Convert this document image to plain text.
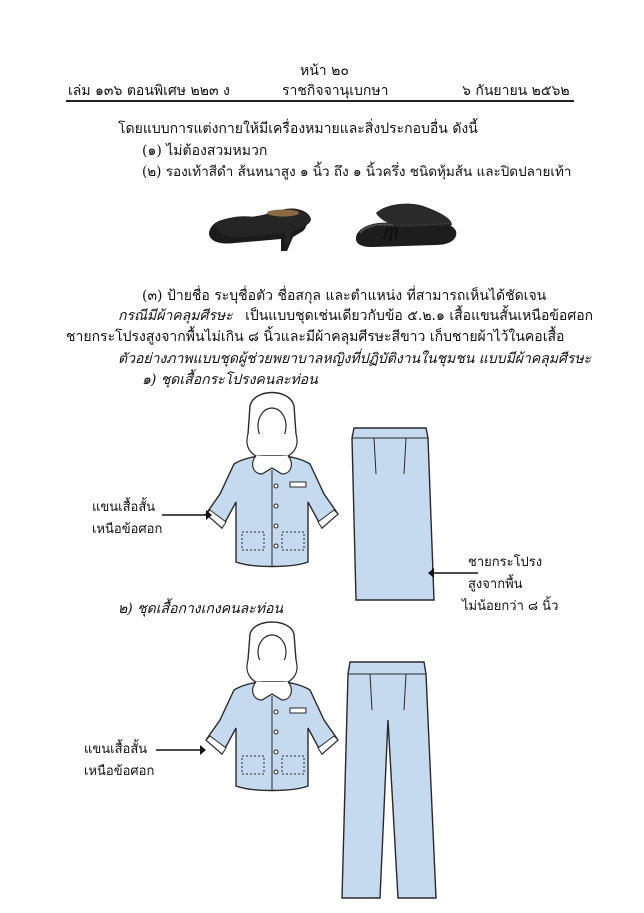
หน้า ๒๐
เล่ม ๑๓๖ ตอนพิเศษ ๒๒๓ ง	ราชกิจจานุเบกษา	๖ กันยายน ๒๕๖๒
โดยแบบการแต่งกายให้มีเครื่องหมายและสิ่งประกอบอื่น ดังนี้
(๑) ไม่ต้องสวมหมวก
(๒) รองเท้าสีดำ ส้นหนาสูง ๑ นิ้ว ถึง ๑ นิ้วครึ่ง ชนิดหุ้มส้น และปิดปลายเท้า
(๓) ป้ายชื่อ ระบุชื่อตัว ชื่อสกุล และตำแหน่ง ที่สามารถเห็นได้ชัดเจน
กรณีมีผ้าคลุมศีรษะ เป็นแบบชุดเช่นเดียวกับข้อ ๕.๒.๑ เสื้อแขนสั้นเหนือข้อศอก
ชายกระโปรงสูงจากพื้นไม่เกิน ๘ นิ้วและมีผ้าคลุมศีรษะสีขาว เก็บชายผ้าไว้ในคอเสื้อ
ตัวอย่างภาพแบบชุดผู้ช่วยพยาบาลหญิงที่ปฏิบัติงานในชุมชน แบบมีผ้าคลุมศีรษะ
๑) ชุดเสื้อกระโปรงคนละท่อน
แขนเสื้อสั้น
เหนือข้อศอก
ชายกระโปรง
สูงจากพื้น
ไม่น้อยกว่า ๘ นิ้ว
๒) ชุดเสื้อกางเกงคนละท่อน
แขนเสื้อสั้น
เหนือข้อศอก
